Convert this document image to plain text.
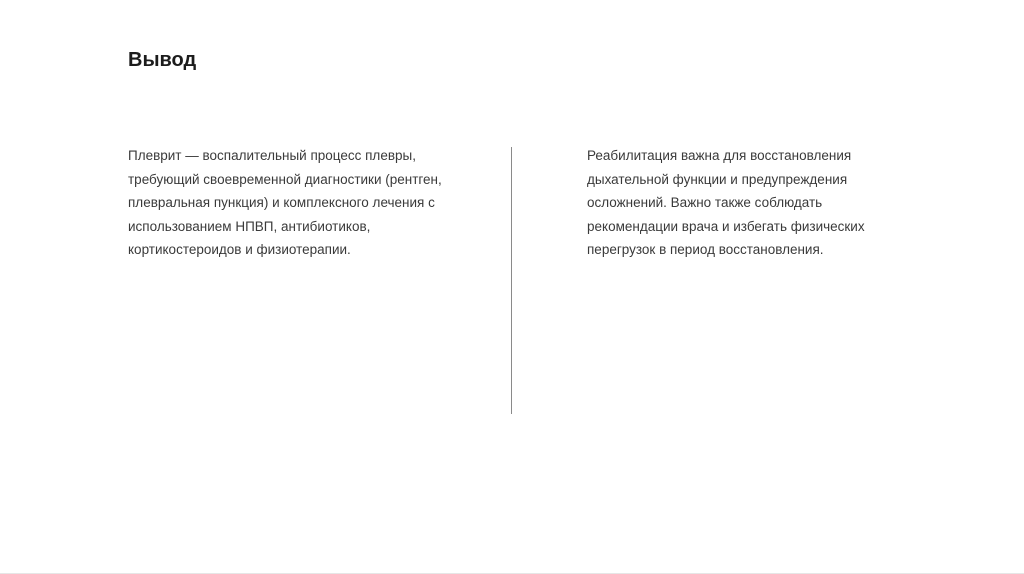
Вывод
Плеврит — воспалительный процесс плевры,
требующий своевременной диагностики (рентген,
плевральная пункция) и комплексного лечения с
использованием НПВП, антибиотиков,
кортикостероидов и физиотерапии.
Реабилитация важна для восстановления
дыхательной функции и предупреждения
осложнений. Важно также соблюдать
рекомендации врача и избегать физических
перегрузок в период восстановления.
